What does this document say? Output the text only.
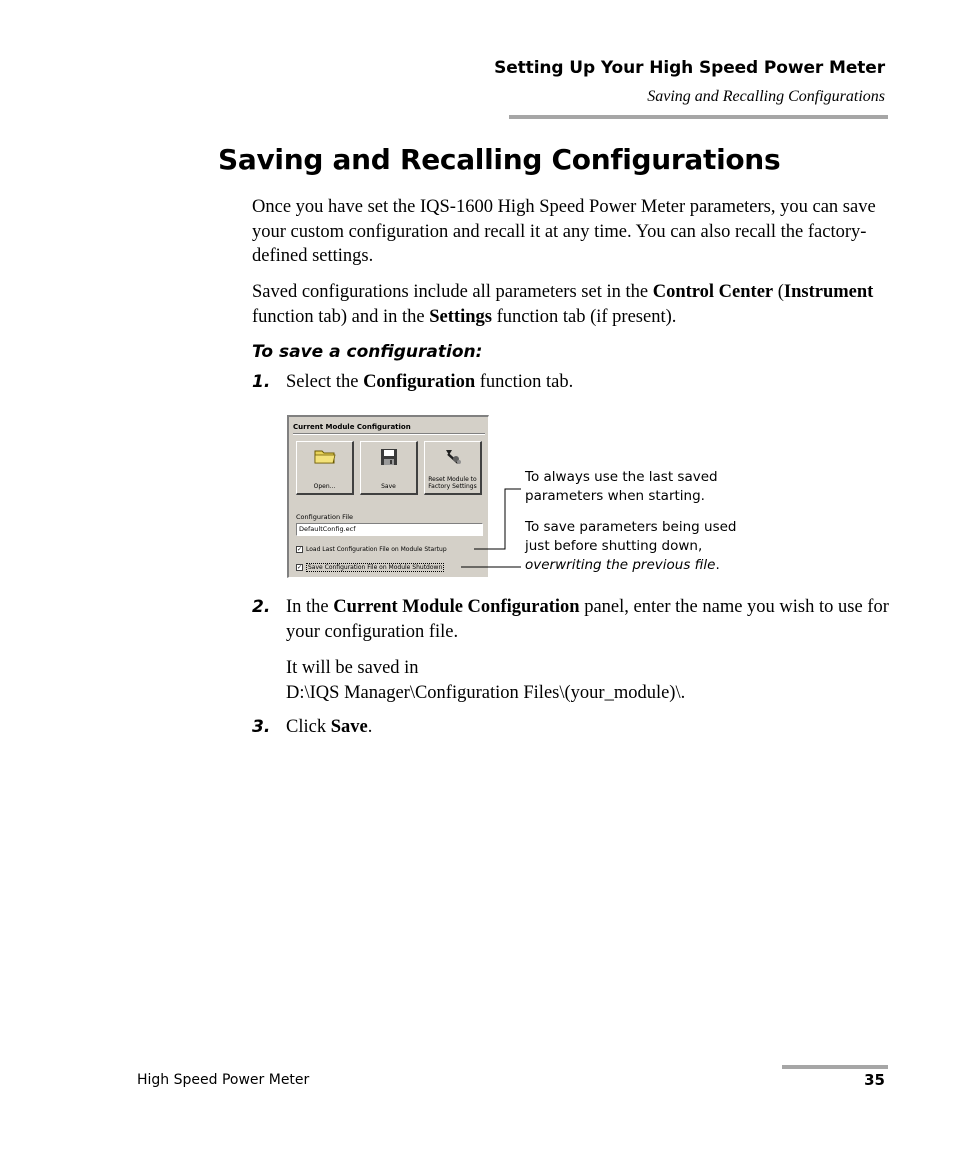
Setting Up Your High Speed Power Meter
Saving and Recalling Configurations
Saving and Recalling Configurations
Once you have set the IQS-1600 High Speed Power Meter parameters, you can save your custom configuration and recall it at any time. You can also recall the factory-defined settings.
Saved configurations include all parameters set in the Control Center (Instrument function tab) and in the Settings function tab (if present).
To save a configuration:
1. Select the Configuration function tab.
Current Module Configuration
Open...	Save
Reset Module to Factory Settings
Configuration File
DefaultConfig.ecf
✓ Load Last Configuration File on Module Startup
✓ Save Configuration File on Module Shutdown
To always use the last saved
parameters when starting.
To save parameters being used
just before shutting down,
overwriting the previous file.
2. In the Current Module Configuration panel, enter the name you wish to use for your configuration file.
It will be saved in
D:\IQS Manager\Configuration Files\(your_module)\.
3. Click Save.
High Speed Power Meter	35
